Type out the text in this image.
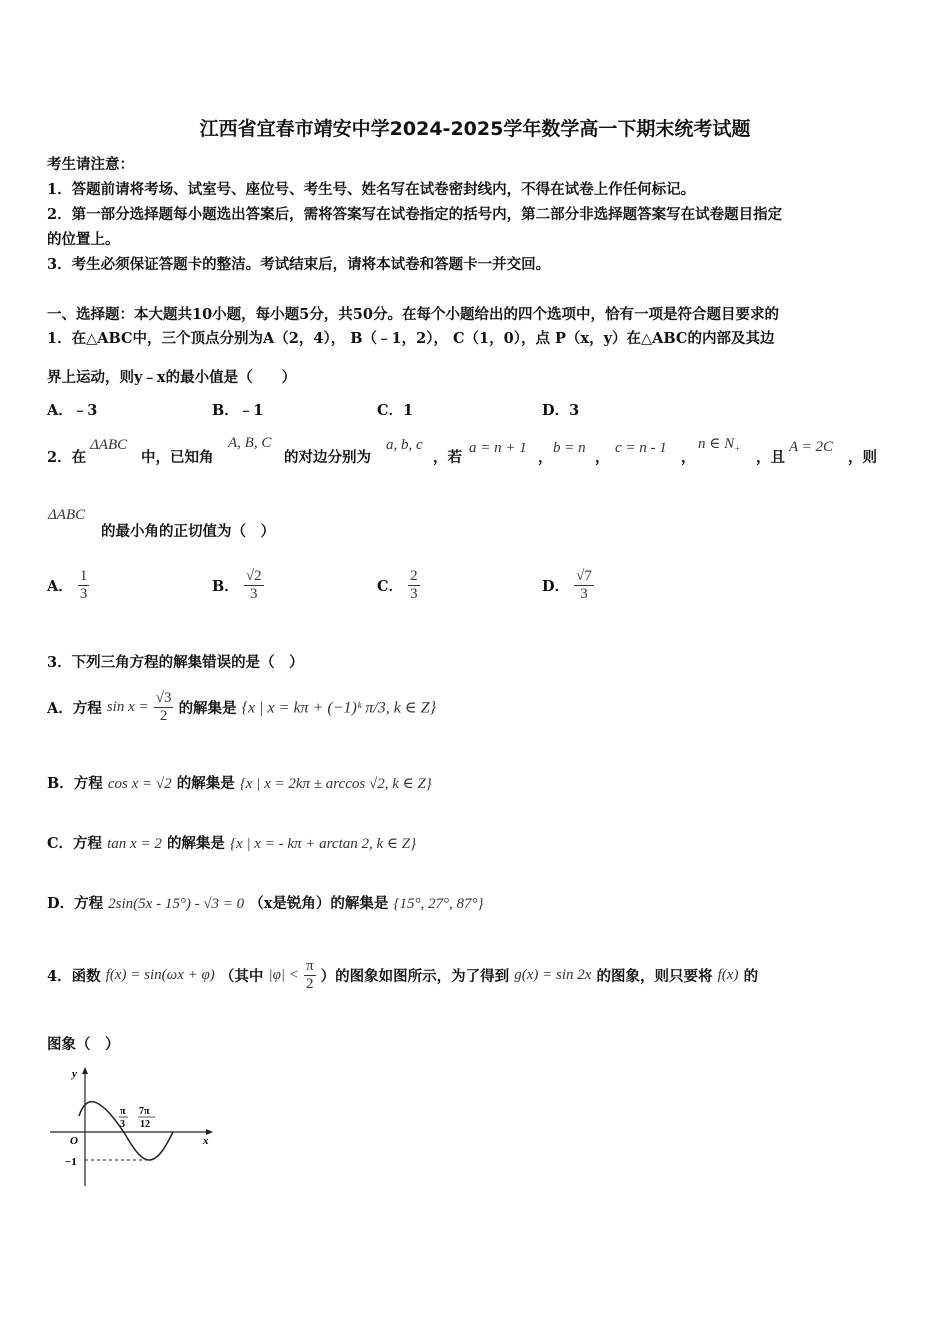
江西省宜春市靖安中学2024-2025学年数学高一下期末统考试题
考生请注意：
1．答题前请将考场、试室号、座位号、考生号、姓名写在试卷密封线内，不得在试卷上作任何标记。
2．第一部分选择题每小题选出答案后，需将答案写在试卷指定的括号内，第二部分非选择题答案写在试卷题目指定
的位置上。
3．考生必须保证答题卡的整洁。考试结束后，请将本试卷和答题卡一并交回。
一、选择题：本大题共10小题，每小题5分，共50分。在每个小题给出的四个选项中，恰有一项是符合题目要求的
1．在△ABC中，三个顶点分别为A（2，4）， B（﹣1，2）， C（1，0），点 P（x，y）在△ABC的内部及其边
界上运动，则y﹣x的最小值是（　　）
A．﹣3	B．﹣1	C．1	D．3
2．在
ΔABC
中，已知角
A, B, C
的对边分别为
a, b, c
，若
a = n + 1
，
b = n
，
c = n - 1
，
n ∈ $N_+$ ，且
A = 2C
，则
ΔABC
的最小角的正切值为（　）
A． $\frac{1}{3}$	B． $\frac{√2}{3}$	C． $\frac{2}{3}$	D． $\frac{√7}{3}$
3．下列三角方程的解集错误的是（　）
A．方程 $\sin x = \frac{√3}{2}$ 的解集是 {x | x = kπ + (−1)ᵏ π/3, k ∈ Z}
B．方程 cos x = √2 的解集是 {x | x = 2kπ ± arccos √2, k ∈ Z}
C．方程 tan x = 2 的解集是 {x | x = - kπ + arctan 2, k ∈ Z}
D．方程 2sin(5x - 15°) - √3 = 0 （x是锐角）的解集是 {15°, 27°, 87°}
4．函数 f(x) = sin(ωx + φ) （其中 $|\varphi| < \frac{\pi}{2}$ ）的图象如图所示，为了得到 g(x) = sin 2x 的图象，则只要将 f(x) 的
图象（　）
y
x
O
−1
π
3
7π
12
